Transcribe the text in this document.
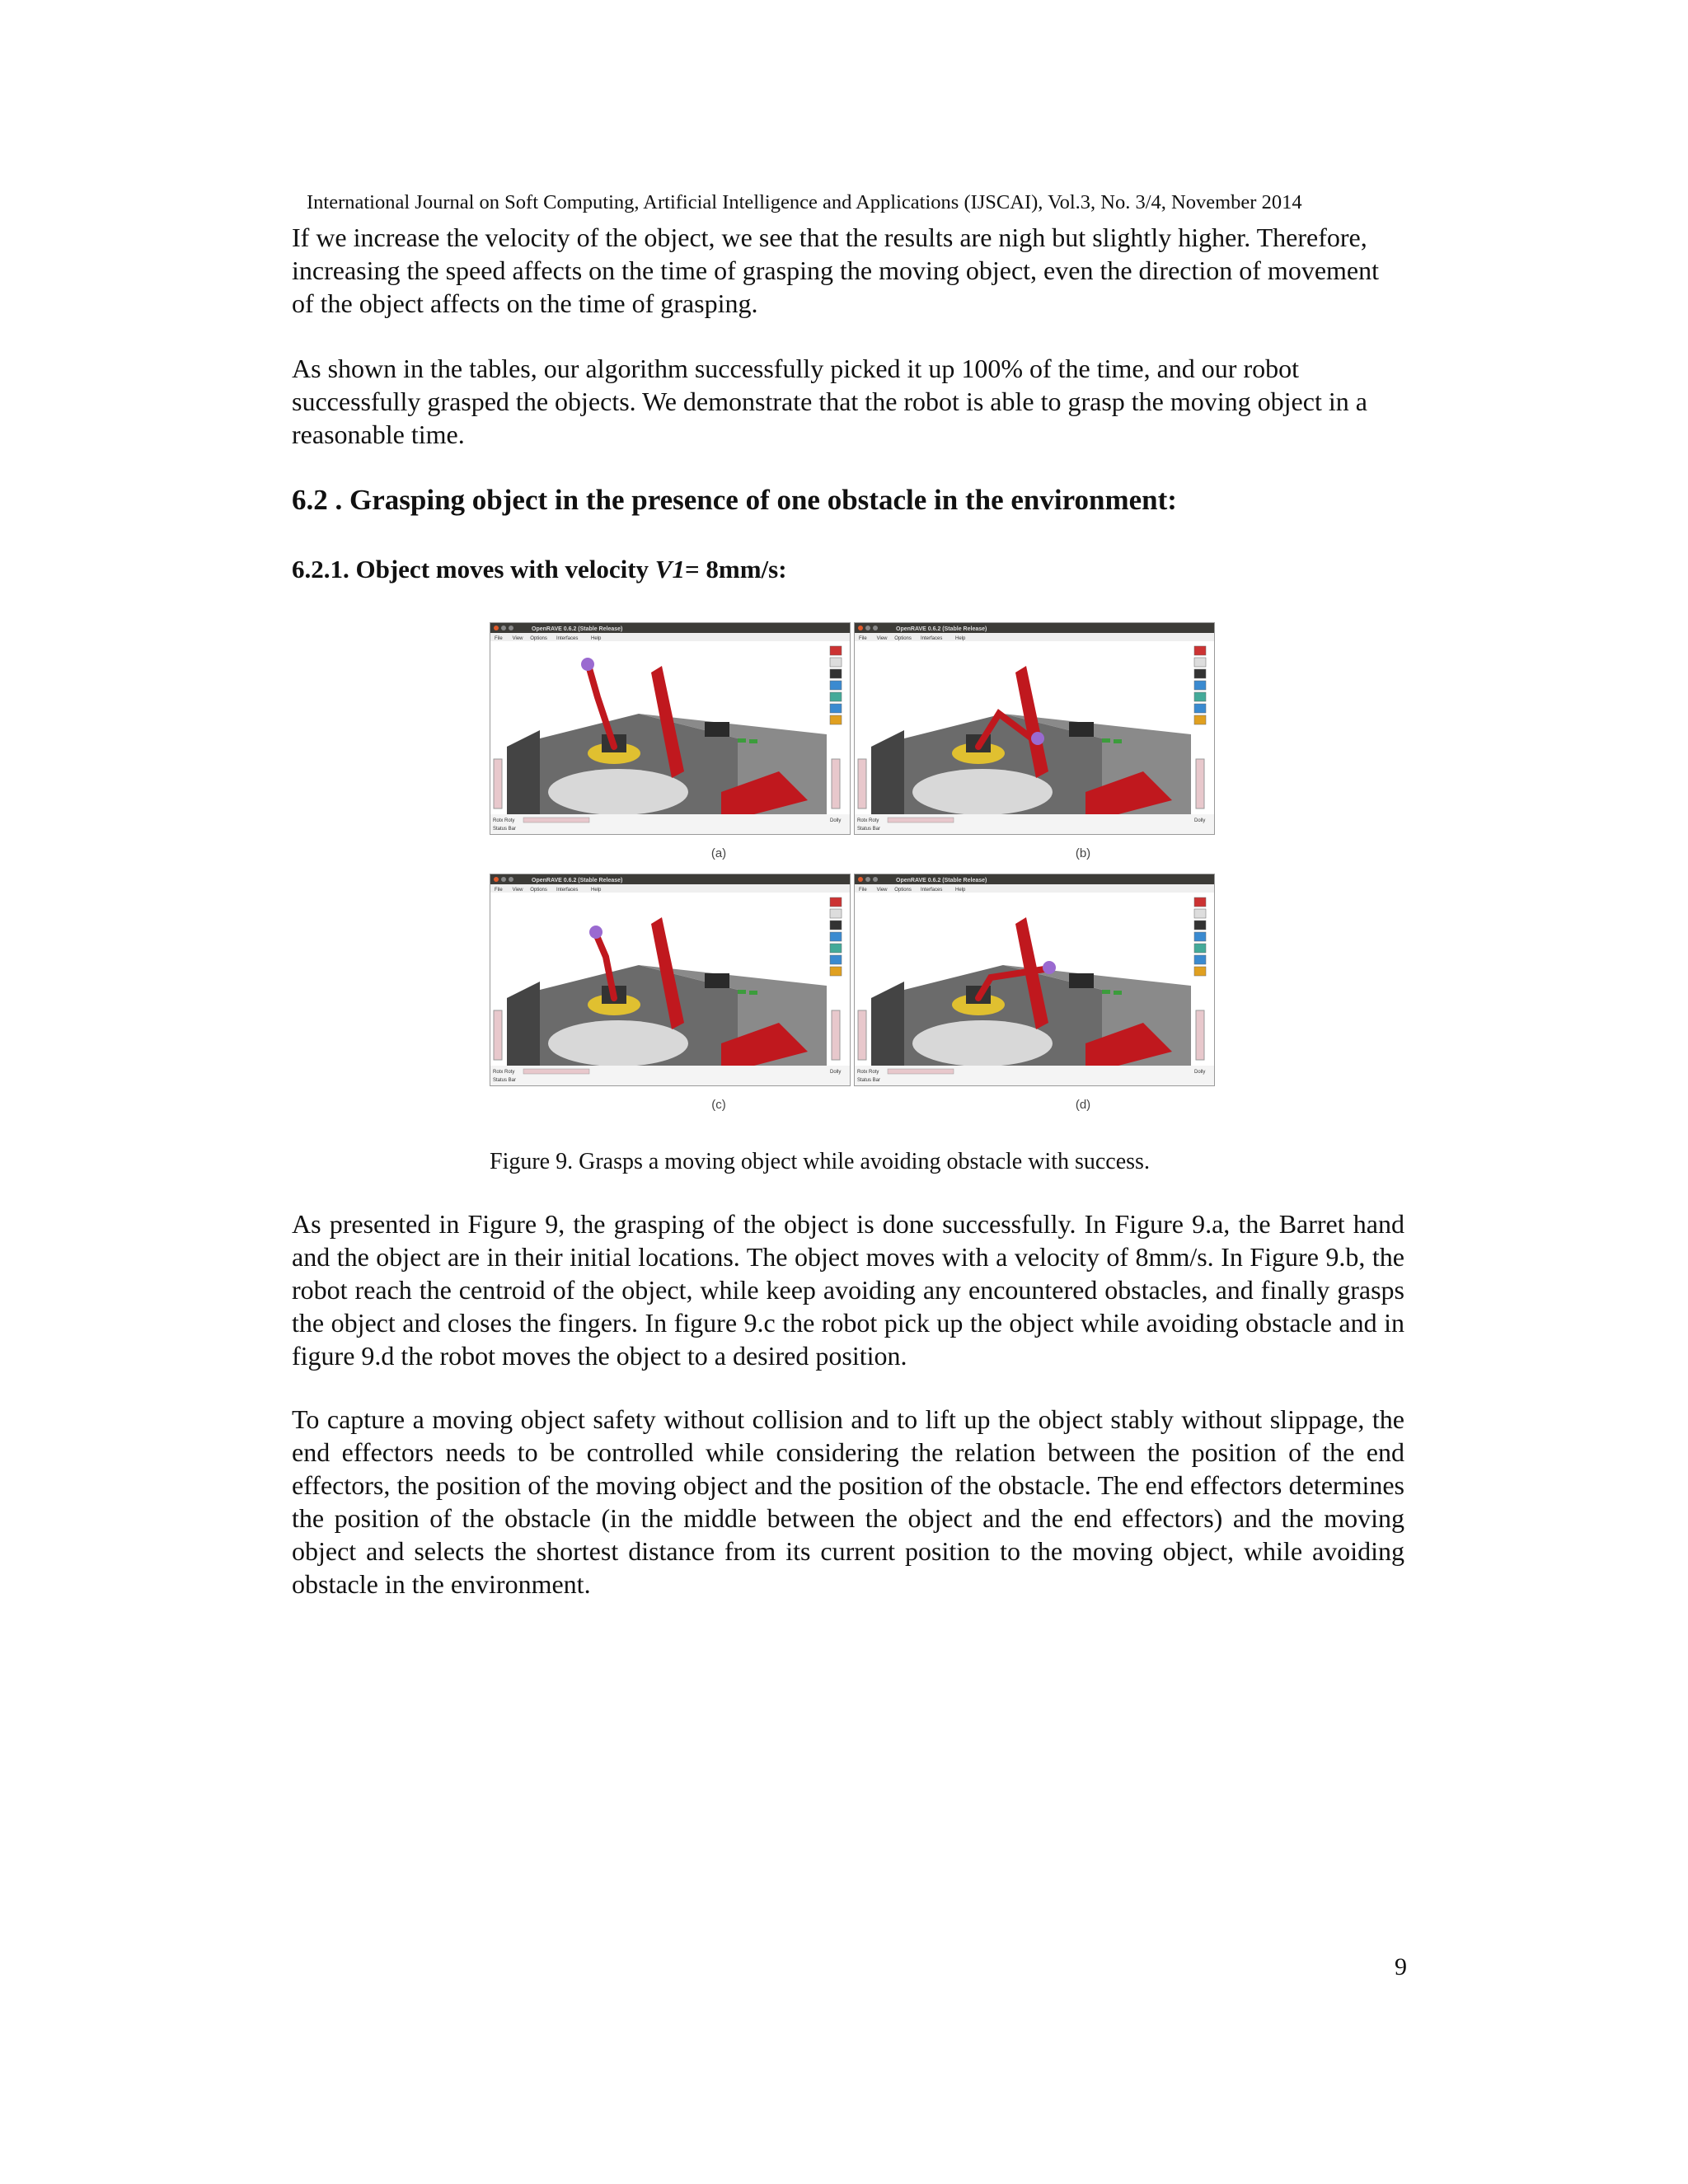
International Journal on Soft Computing, Artificial Intelligence and Applications (IJSCAI), Vol.3, No. 3/4, November 2014

If we increase the velocity of the object, we see that the results are nigh but slightly higher. Therefore, increasing the speed affects on the time of grasping the moving object, even the direction of movement of the object affects on the time of grasping.

As shown in the tables, our algorithm successfully picked it up 100% of the time, and our robot successfully grasped the objects. We demonstrate that the robot is able to grasp the moving object in a reasonable time.

6.2 . Grasping object in the presence of one obstacle in the environment:
6.2.1. Object moves with velocity V1= 8mm/s:
OpenRAVE 0.6.2 (Stable Release)
File View Options Interfaces	Help
Rotx Roty	Dolly
Status Bar
(a)
OpenRAVE 0.6.2 (Stable Release)
File View Options Interfaces	Help
Rotx Roty	Dolly
Status Bar
(b)
OpenRAVE 0.6.2 (Stable Release)
File View Options Interfaces	Help
Rotx Roty	Dolly
Status Bar
(c)
OpenRAVE 0.6.2 (Stable Release)
File View Options Interfaces	Help
Rotx Roty	Dolly
Status Bar
(d)
Figure 9. Grasps a moving object while avoiding obstacle with success.

As presented in Figure 9, the grasping of the object is done successfully. In Figure 9.a, the Barret hand and the object are in their initial locations. The object moves with a velocity of 8mm/s. In Figure 9.b, the robot reach the centroid of the object, while keep avoiding any encountered obstacles, and finally grasps the object and closes the fingers. In figure 9.c the robot pick up the object while avoiding obstacle and in figure 9.d the robot moves the object to a desired position.

To capture a moving object safety without collision and to lift up the object stably without slippage, the end effectors needs to be controlled while considering the relation between the position of the end effectors, the position of the moving object and the position of the obstacle. The end effectors determines the position of the obstacle (in the middle between the object and the end effectors) and the moving object and selects the shortest distance from its current position to the moving object, while avoiding obstacle in the environment.

9
